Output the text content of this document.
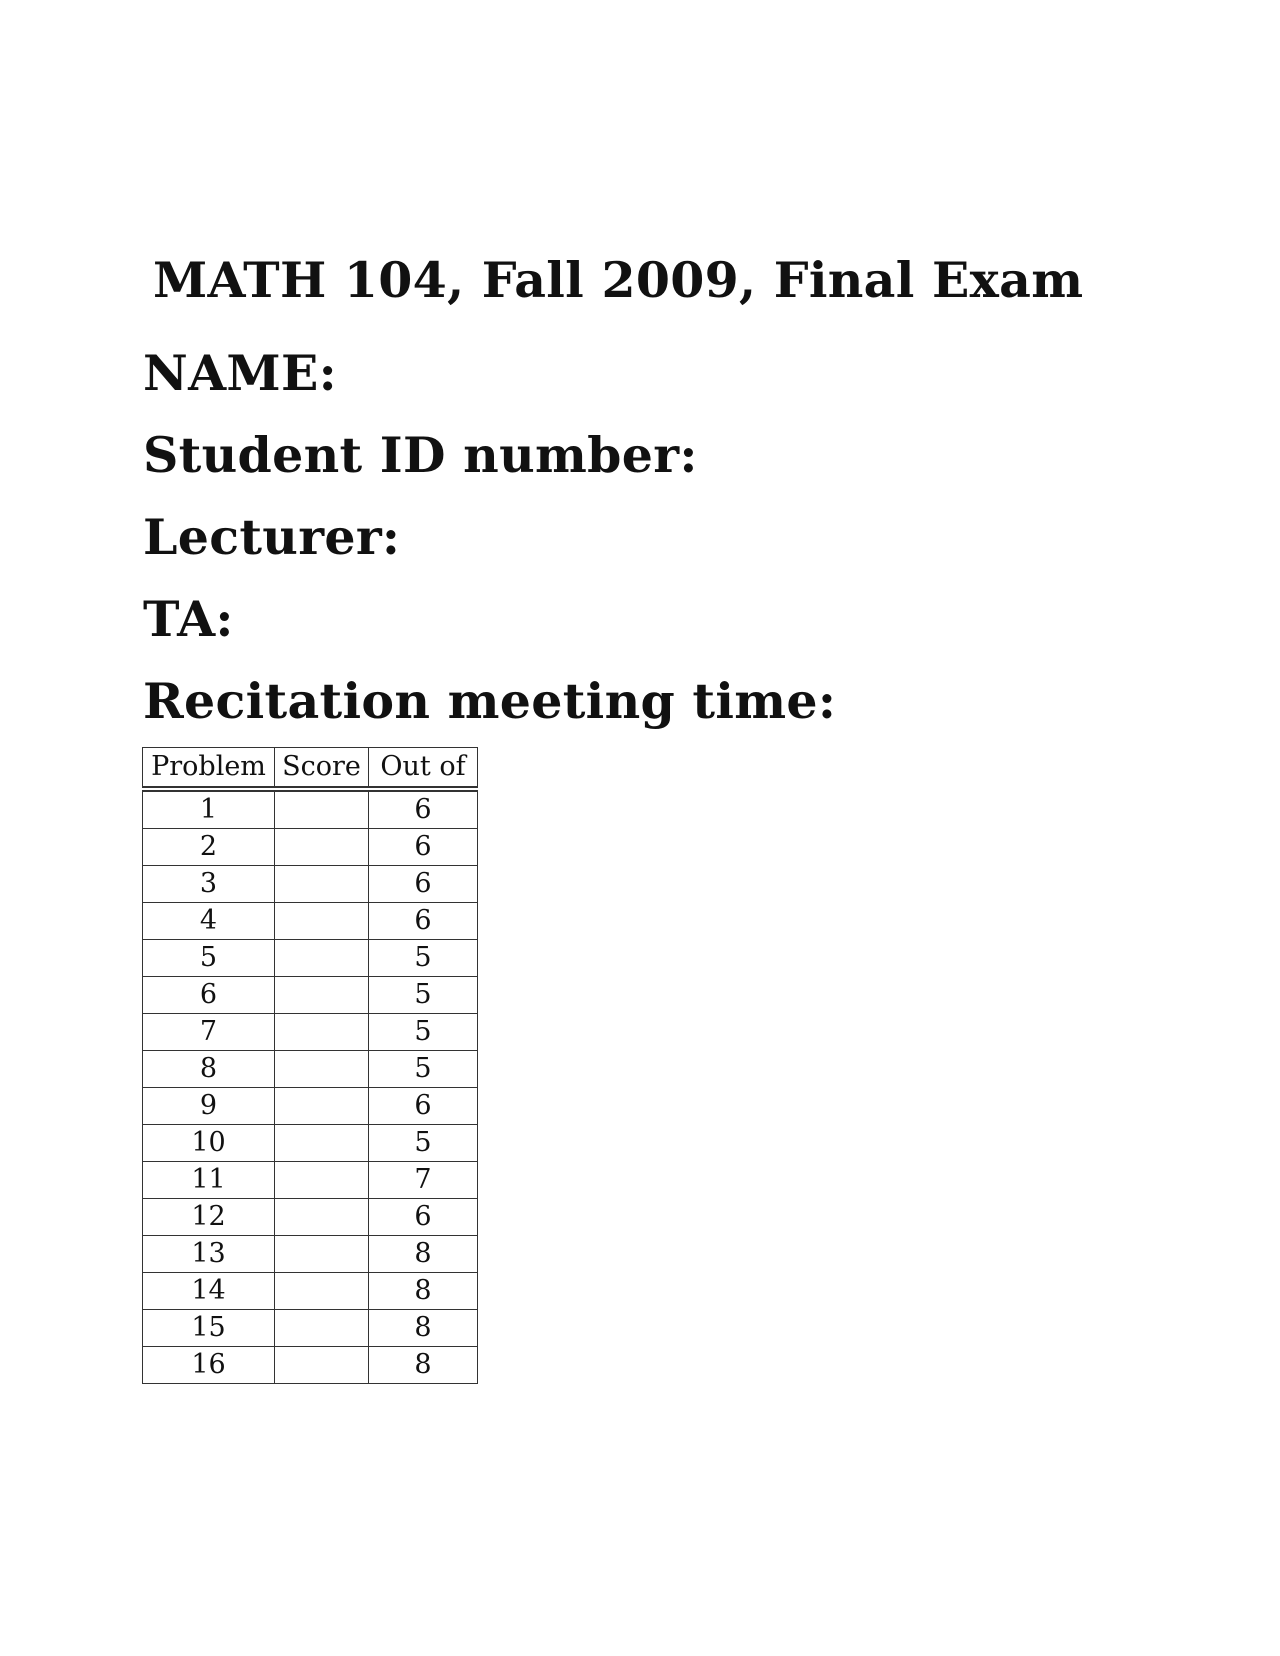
MATH 104, Fall 2009, Final Exam

NAME:

Student ID number:

Lecturer:

TA:

Recitation meeting time:

Problem	Score	Out of
1		6
2		6
3		6
4		6
5		5
6		5
7		5
8		5
9		6
10		5
11		7
12		6
13		8
14		8
15		8
16		8
